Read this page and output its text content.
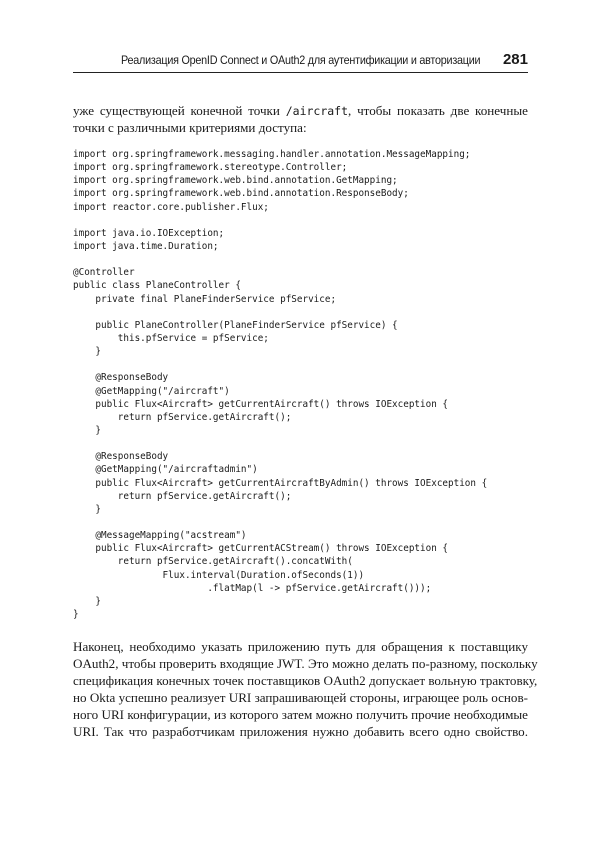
Реализация OpenID Connect и OAuth2 для аутентификации и авторизации 281
уже существующей конечной точки /aircraft, чтобы показать две конечные
точки с различными критериями доступа:
import org.springframework.messaging.handler.annotation.MessageMapping;
import org.springframework.stereotype.Controller;
import org.springframework.web.bind.annotation.GetMapping;
import org.springframework.web.bind.annotation.ResponseBody;
import reactor.core.publisher.Flux;
import java.io.IOException;
import java.time.Duration;
@Controller
public class PlaneController {
private final PlaneFinderService pfService;
public PlaneController(PlaneFinderService pfService) {
this.pfService = pfService;
}
@ResponseBody
@GetMapping("/aircraft")
public Flux<Aircraft> getCurrentAircraft() throws IOException {
return pfService.getAircraft();
}
@ResponseBody
@GetMapping("/aircraftadmin")
public Flux<Aircraft> getCurrentAircraftByAdmin() throws IOException {
return pfService.getAircraft();
}
@MessageMapping("acstream")
public Flux<Aircraft> getCurrentACStream() throws IOException {
return pfService.getAircraft().concatWith(
Flux.interval(Duration.ofSeconds(1))
.flatMap(l -> pfService.getAircraft()));
}
}
Наконец, необходимо указать приложению путь для обращения к поставщику
OAuth2, чтобы проверить входящие JWT. Это можно делать по-разному, поскольку
спецификация конечных точек поставщиков OAuth2 допускает вольную трактовку,
но Okta успешно реализует URI запрашивающей стороны, играющее роль основ-
ного URI конфигурации, из которого затем можно получить прочие необходимые
URI. Так что разработчикам приложения нужно добавить всего одно свойство.
